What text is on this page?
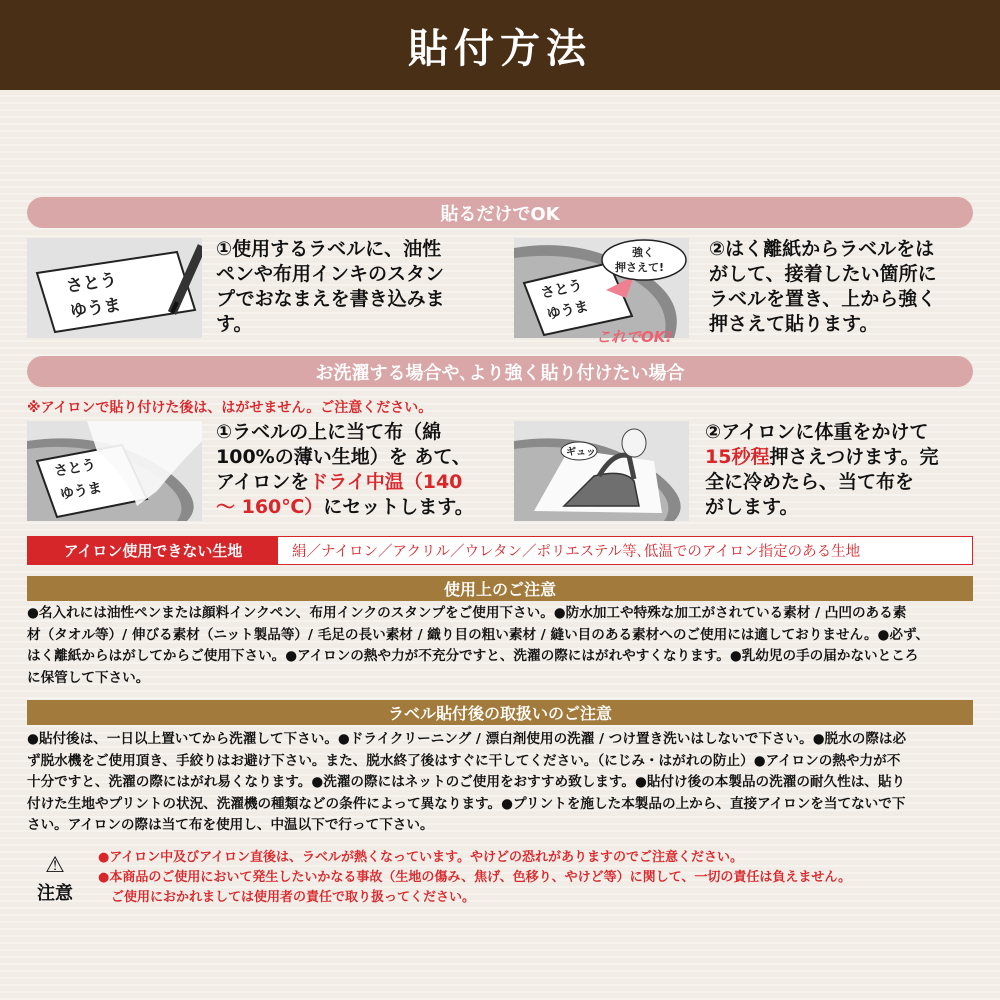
貼付方法
貼るだけでOK
さとう
ゆうま
①使用するラベルに、油性
ペンや布用インキのスタン
プでおなまえを書き込みま
す。
さとう
ゆうま
強く
押さえて!
これでOK!
②はく離紙からラベルをは
がして、接着したい箇所に
ラベルを置き、上から強く
押さえて貼ります。
お洗濯する場合や､より強く貼り付けたい場合
※アイロンで貼り付けた後は、はがせません。ご注意ください。
さとう
ゆうま
①ラベルの上に当て布（綿
100%の薄い生地）を あて、
アイロンをドライ中温（140
～ 160℃）にセットします。
ギュッ
②アイロンに体重をかけて
15秒程押さえつけます。完
全に冷めたら、当て布を
がします。
アイロン使用できない生地	絹／ナイロン／アクリル／ウレタン／ポリエステル等､低温でのアイロン指定のある生地
使用上のご注意
●名入れには油性ペンまたは顔料インクペン、布用インクのスタンプをご使用下さい。●防水加工や特殊な加工がされている素材 / 凸凹のある素
材（タオル等）/ 伸びる素材（ニット製品等）/ 毛足の長い素材 / 織り目の粗い素材 / 縫い目のある素材へのご使用には適しておりません。●必ず、
はく離紙からはがしてからご使用下さい。●アイロンの熱や力が不充分ですと、洗濯の際にはがれやすくなります。●乳幼児の手の届かないところ
に保管して下さい。
ラベル貼付後の取扱いのご注意
●貼付後は、一日以上置いてから洗濯して下さい。●ドライクリーニング / 漂白剤使用の洗濯 / つけ置き洗いはしないで下さい。●脱水の際は必
ず脱水機をご使用頂き、手絞りはお避け下さい。また、脱水終了後はすぐに干してください。（にじみ・はがれの防止）●アイロンの熱や力が不
十分ですと、洗濯の際にはがれ易くなります。●洗濯の際にはネットのご使用をおすすめ致します。●貼付け後の本製品の洗濯の耐久性は、貼り
付けた生地やプリントの状況、洗濯機の種類などの条件によって異なります。●プリントを施した本製品の上から、直接アイロンを当てないで下
さい。アイロンの際は当て布を使用し、中温以下で行って下さい。
⚠
注意
●アイロン中及びアイロン直後は、ラベルが熱くなっています。やけどの恐れがありますのでご注意ください。
●本商品のご使用において発生したいかなる事故（生地の傷み、焦げ、色移り、やけど等）に関して、一切の責任は負えません。
　ご使用におかれましては使用者の責任で取り扱ってください。
